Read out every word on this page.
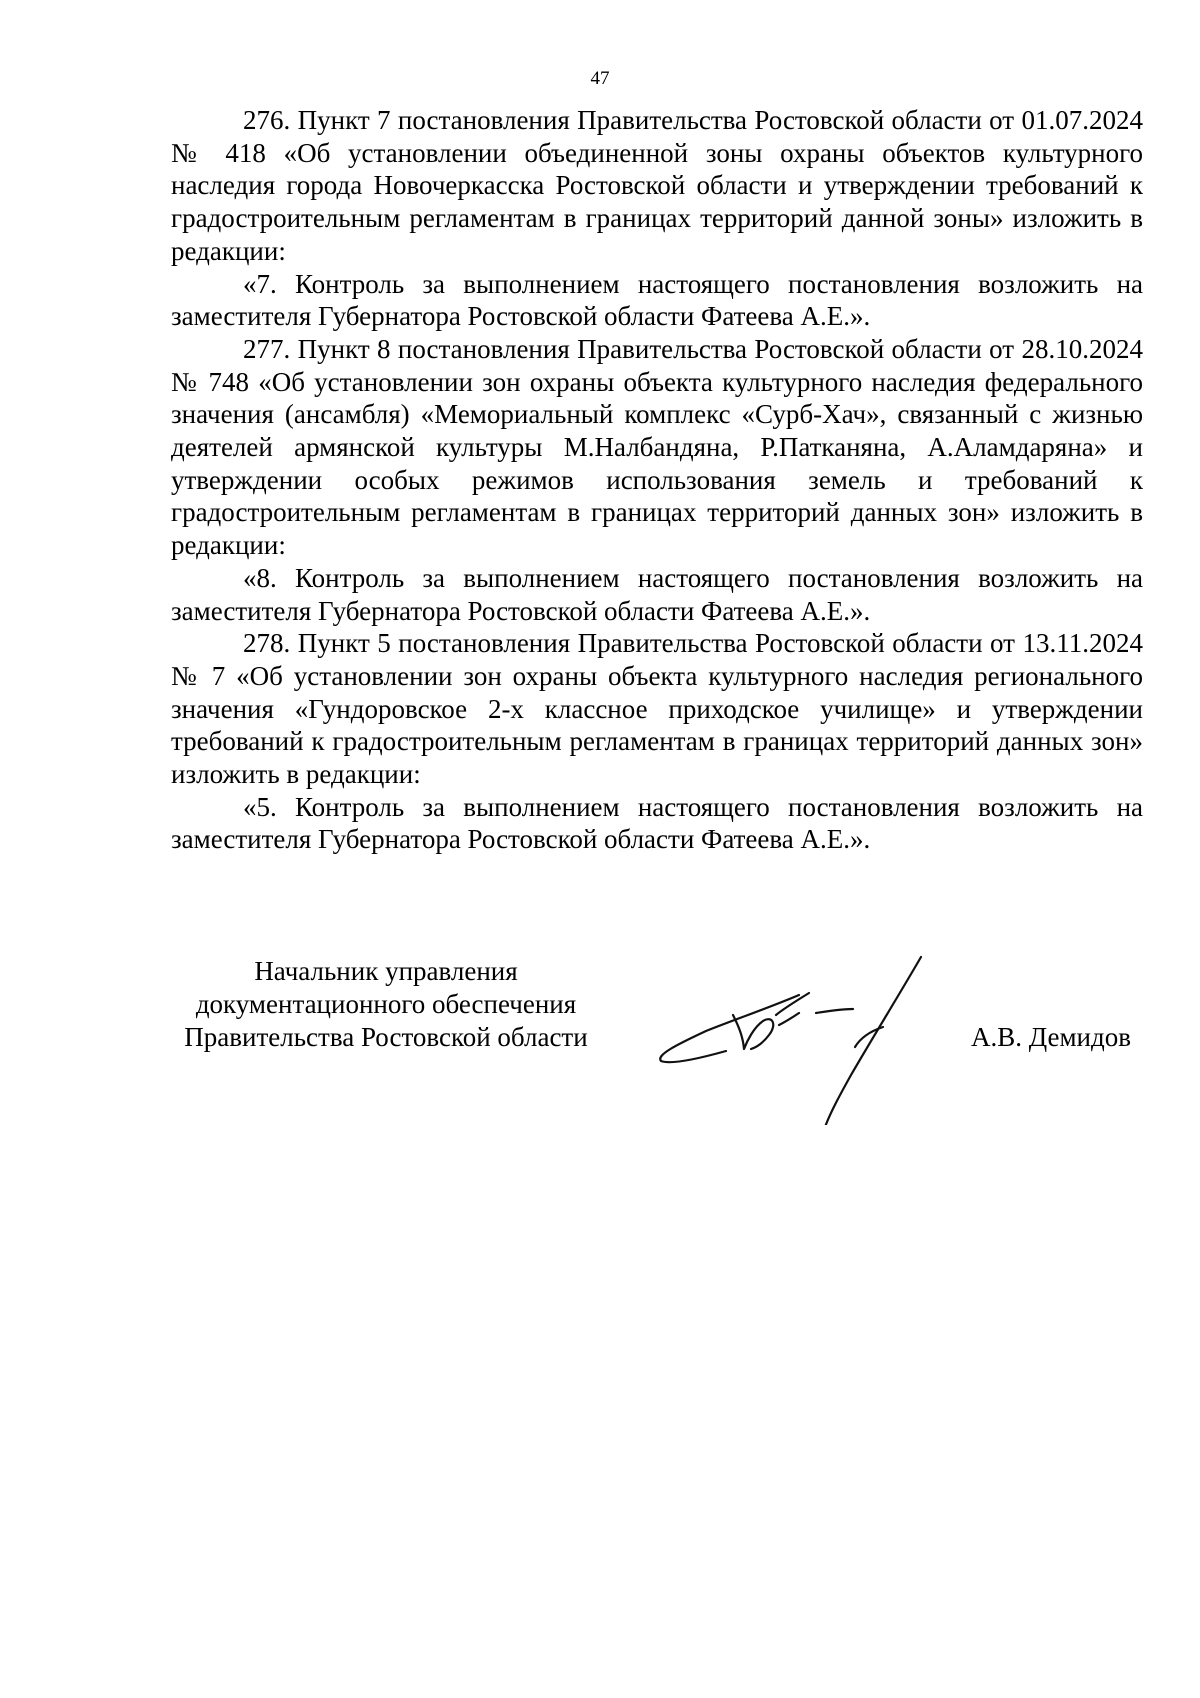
47

276. Пункт 7 постановления Правительства Ростовской области от 01.07.2024 № 418 «Об установлении объединенной зоны охраны объектов культурного наследия города Новочеркасска Ростовской области и утверждении требований к градостроительным регламентам в границах территорий данной зоны» изложить в редакции:

«7. Контроль за выполнением настоящего постановления возложить на заместителя Губернатора Ростовской области Фатеева А.Е.».

277. Пункт 8 постановления Правительства Ростовской области от 28.10.2024 № 748 «Об установлении зон охраны объекта культурного наследия федерального значения (ансамбля) «Мемориальный комплекс «Сурб-Хач», связанный с жизнью деятелей армянской культуры М.Налбандяна, Р.Патканяна, А.Аламдаряна» и утверждении особых режимов использования земель и требований к градостроительным регламентам в границах территорий данных зон» изложить в редакции:

«8. Контроль за выполнением настоящего постановления возложить на заместителя Губернатора Ростовской области Фатеева А.Е.».

278. Пункт 5 постановления Правительства Ростовской области от 13.11.2024 № 7 «Об установлении зон охраны объекта культурного наследия регионального значения «Гундоровское 2-х классное приходское училище» и утверждении требований к градостроительным регламентам в границах территорий данных зон» изложить в редакции:

«5. Контроль за выполнением настоящего постановления возложить на заместителя Губернатора Ростовской области Фатеева А.Е.».

Начальник управления
документационного обеспечения
Правительства Ростовской области	А.В. Демидов
